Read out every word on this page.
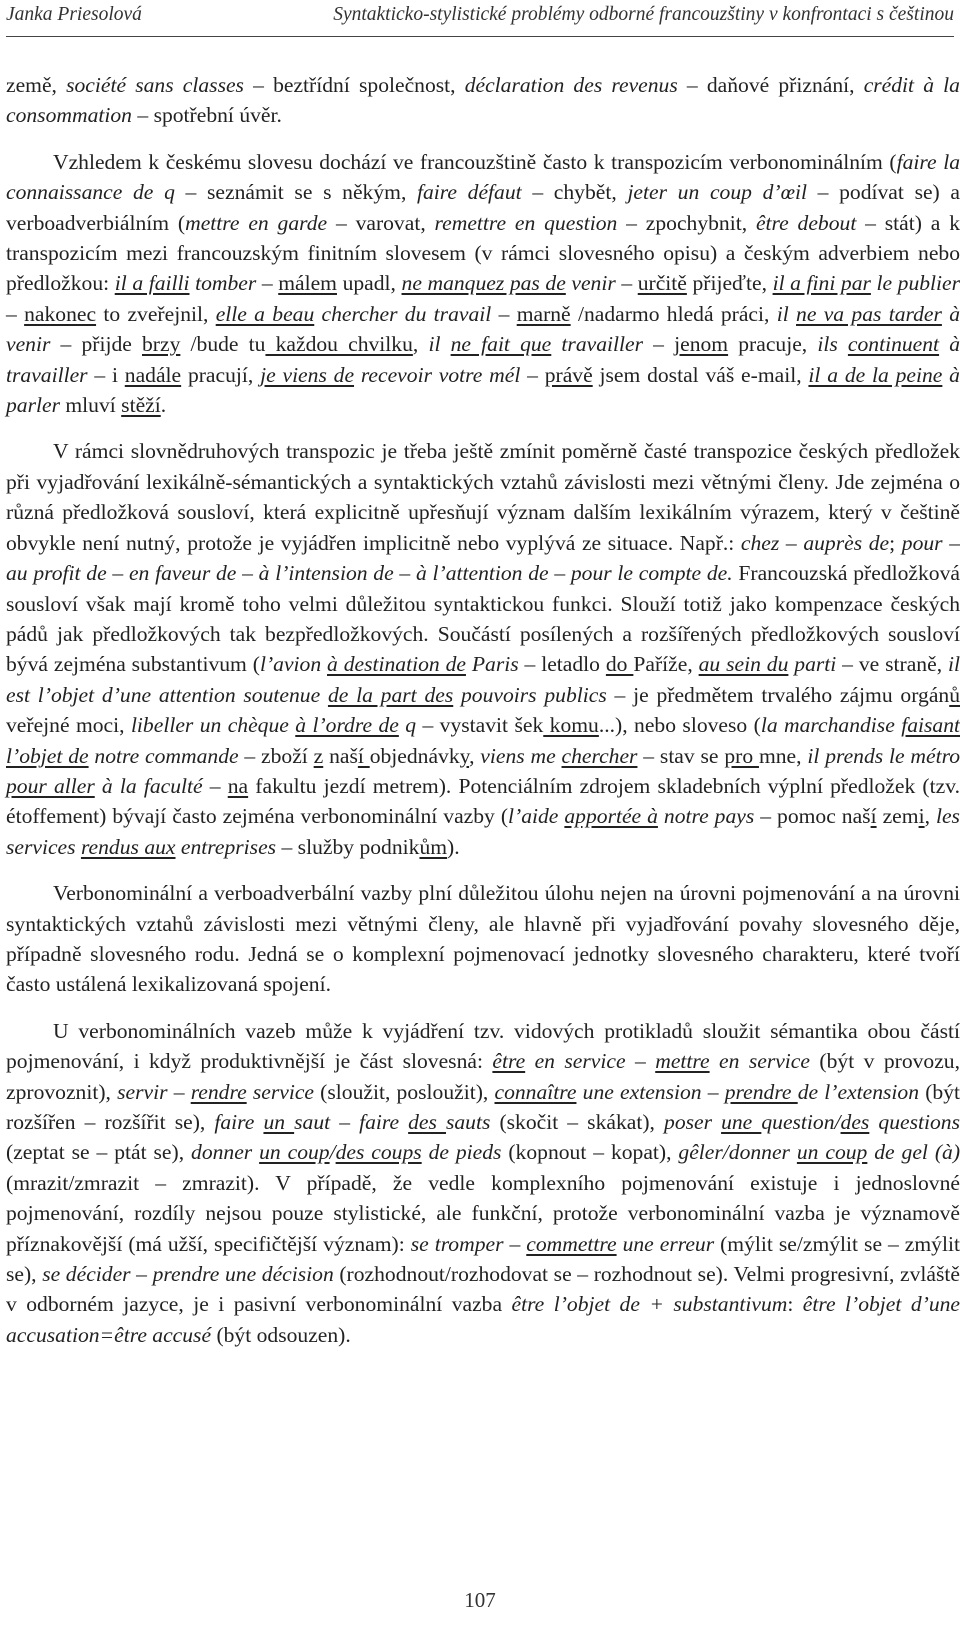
Janka Priesolová	Syntakticko-stylistické problémy odborné francouzštiny v konfrontaci s češtinou

země, société sans classes – beztřídní společnost, déclaration des revenus – daňové přiznání, crédit à la consommation – spotřební úvěr.

Vzhledem k českému slovesu dochází ve francouzštině často k transpozicím verbonominálním (faire la connaissance de q – seznámit se s někým, faire défaut – chybět, jeter un coup d’œil – podívat se) a verboadverbiálním (mettre en garde – varovat, remettre en question – zpochybnit, être debout – stát) a k transpozicím mezi francouzským finitním slovesem (v rámci slovesného opisu) a českým adverbiem nebo předložkou: il a failli tomber – málem upadl, ne manquez pas de venir – určitě přijeďte, il a fini par le publier – nakonec to zveřejnil, elle a beau chercher du travail – marně /nadarmo hledá práci, il ne va pas tarder à venir – přijde brzy /bude tu každou chvilku, il ne fait que travailler – jenom pracuje, ils continuent à travailler – i nadále pracují, je viens de recevoir votre mél – právě jsem dostal váš e-mail, il a de la peine à parler mluví stěží.

V rámci slovnědruhových transpozic je třeba ještě zmínit poměrně časté transpozice českých předložek při vyjadřování lexikálně-sémantických a syntaktických vztahů závislosti mezi větnými členy. Jde zejména o různá předložková sousloví, která explicitně upřesňují význam dalším lexikálním výrazem, který v češtině obvykle není nutný, protože je vyjádřen implicitně nebo vyplývá ze situace. Např.: chez – auprès de; pour – au profit de – en faveur de – à l’intension de – à l’attention de – pour le compte de. Francouzská předložková sousloví však mají kromě toho velmi důležitou syntaktickou funkci. Slouží totiž jako kompenzace českých pádů jak předložkových tak bezpředložkových. Součástí posílených a rozšířených předložkových sousloví bývá zejména substantivum (l’avion à destination de Paris – letadlo do Paříže, au sein du parti – ve straně, il est l’objet d’une attention soutenue de la part des pouvoirs publics – je předmětem trvalého zájmu orgánů veřejné moci, libeller un chèque à l’ordre de q – vystavit šek komu...), nebo sloveso (la marchandise faisant l’objet de notre commande – zboží z naší objednávky, viens me chercher – stav se pro mne, il prends le métro pour aller à la faculté – na fakultu jezdí metrem). Potenciálním zdrojem skladebních výplní předložek (tzv. étoffement) bývají často zejména verbonominální vazby (l’aide apportée à notre pays – pomoc naší zemi, les services rendus aux entreprises – služby podnikům).

Verbonominální a verboadverbální vazby plní důležitou úlohu nejen na úrovni pojmenování a na úrovni syntaktických vztahů závislosti mezi větnými členy, ale hlavně při vyjadřování povahy slovesného děje, případně slovesného rodu. Jedná se o komplexní pojmenovací jednotky slovesného charakteru, které tvoří často ustálená lexikalizovaná spojení.

U verbonominálních vazeb může k vyjádření tzv. vidových protikladů sloužit sémantika obou částí pojmenování, i když produktivnější je část slovesná: être en service – mettre en service (být v provozu, zprovoznit), servir – rendre service (sloužit, posloužit), connaître une extension – prendre de l’extension (být rozšířen – rozšířit se), faire un saut – faire des sauts (skočit – skákat), poser une question/des questions (zeptat se – ptát se), donner un coup/des coups de pieds (kopnout – kopat), gêler/donner un coup de gel (à) (mrazit/zmrazit – zmrazit). V případě, že vedle komplexního pojmenování existuje i jednoslovné pojmenování, rozdíly nejsou pouze stylistické, ale funkční, protože verbonominální vazba je významově příznakovější (má užší, specifičtější význam): se tromper – commettre une erreur (mýlit se/zmýlit se – zmýlit se), se décider – prendre une décision (rozhodnout/rozhodovat se – rozhodnout se). Velmi progresivní, zvláště v odborném jazyce, je i pasivní verbonominální vazba être l’objet de + substantivum: être l’objet d’une accusation=être accusé (být odsouzen).

107
